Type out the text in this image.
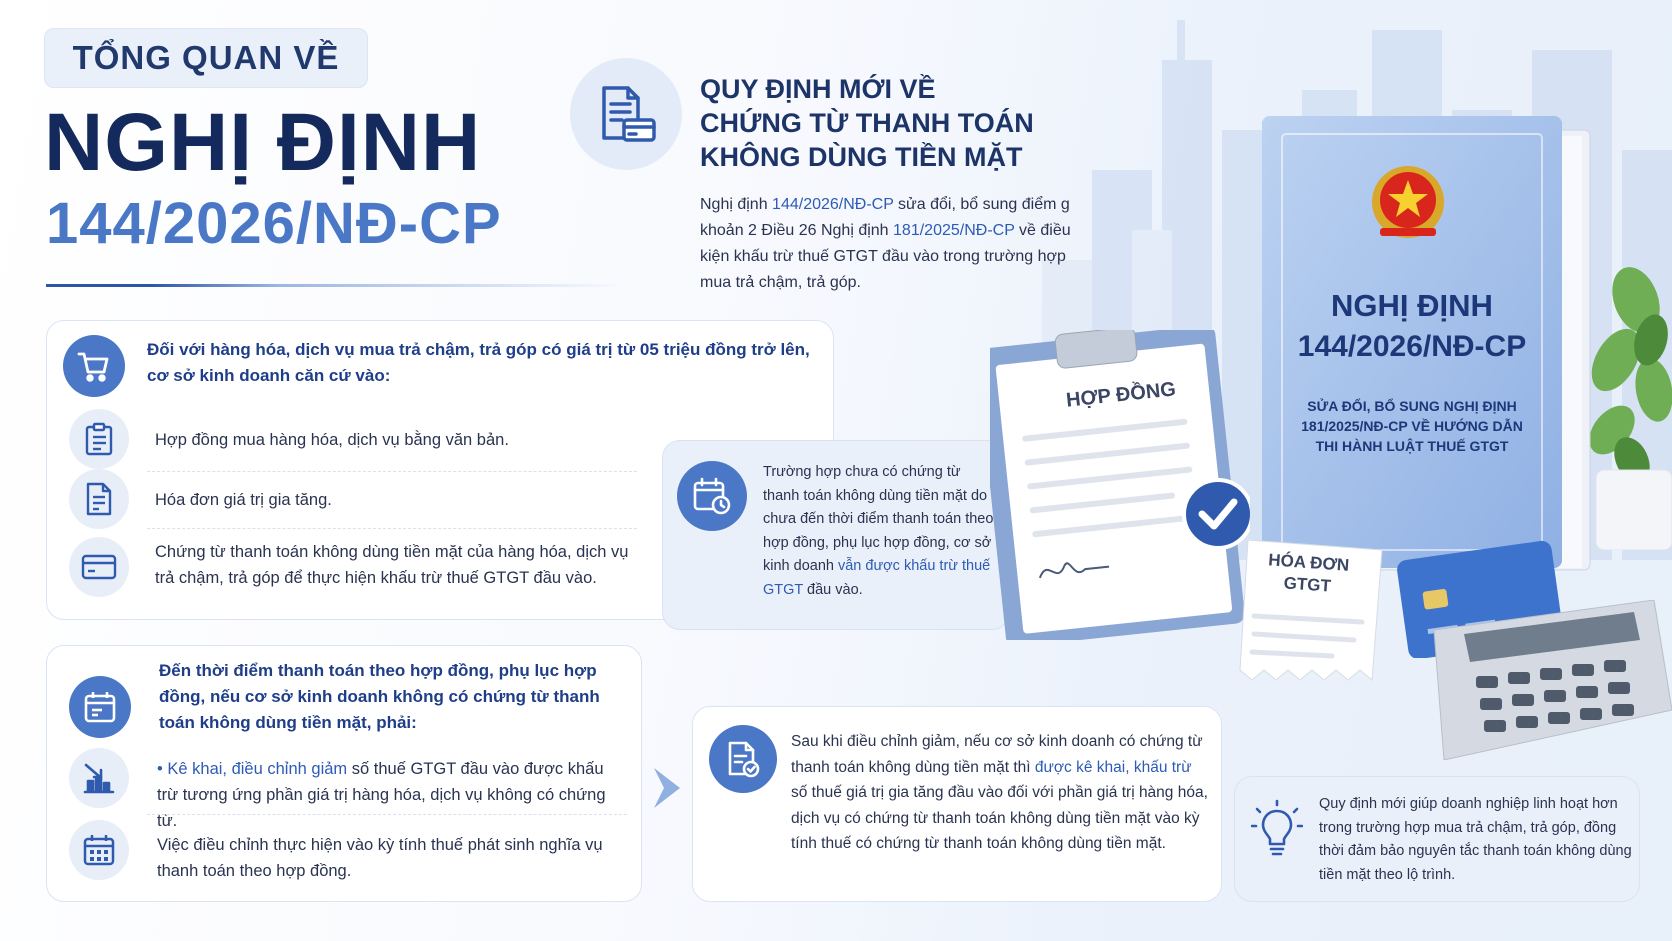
TỔNG QUAN VỀ
NGHỊ ĐỊNH
144/2026/NĐ-CP
QUY ĐỊNH MỚI VỀ
CHỨNG TỪ THANH TOÁN
KHÔNG DÙNG TIỀN MẶT
Nghị định 144/2026/NĐ-CP sửa đổi, bổ sung điểm g khoản 2 Điều 26 Nghị định 181/2025/NĐ-CP về điều kiện khấu trừ thuế GTGT đầu vào trong trường hợp mua trả chậm, trả góp.
Đối với hàng hóa, dịch vụ mua trả chậm, trả góp có giá trị từ 05 triệu đồng trở lên, cơ sở kinh doanh căn cứ vào:
Hợp đồng mua hàng hóa, dịch vụ bằng văn bản.
Hóa đơn giá trị gia tăng.
Chứng từ thanh toán không dùng tiền mặt của hàng hóa, dịch vụ trả chậm, trả góp để thực hiện khấu trừ thuế GTGT đầu vào.
Trường hợp chưa có chứng từ thanh toán không dùng tiền mặt do chưa đến thời điểm thanh toán theo hợp đồng, phụ lục hợp đồng, cơ sở kinh doanh vẫn được khấu trừ thuế GTGT đầu vào.
Đến thời điểm thanh toán theo hợp đồng, phụ lục hợp đồng, nếu cơ sở kinh doanh không có chứng từ thanh toán không dùng tiền mặt, phải:
• Kê khai, điều chỉnh giảm số thuế GTGT đầu vào được khấu trừ tương ứng phần giá trị hàng hóa, dịch vụ không có chứng từ.
Việc điều chỉnh thực hiện vào kỳ tính thuế phát sinh nghĩa vụ thanh toán theo hợp đồng.
Sau khi điều chỉnh giảm, nếu cơ sở kinh doanh có chứng từ thanh toán không dùng tiền mặt thì được kê khai, khấu trừ số thuế giá trị gia tăng đầu vào đối với phần giá trị hàng hóa, dịch vụ có chứng từ thanh toán không dùng tiền mặt vào kỳ tính thuế có chứng từ thanh toán không dùng tiền mặt.
Quy định mới giúp doanh nghiệp linh hoạt hơn trong trường hợp mua trả chậm, trả góp, đồng thời đảm bảo nguyên tắc thanh toán không dùng tiền mặt theo lộ trình.
NGHỊ ĐỊNH
144/2026/NĐ-CP
SỬA ĐỔI, BỔ SUNG NGHỊ ĐỊNH
181/2025/NĐ-CP VỀ HƯỚNG DẪN
THI HÀNH LUẬT THUẾ GTGT
HỢP ĐỒNG
HÓA ĐƠN
GTGT
